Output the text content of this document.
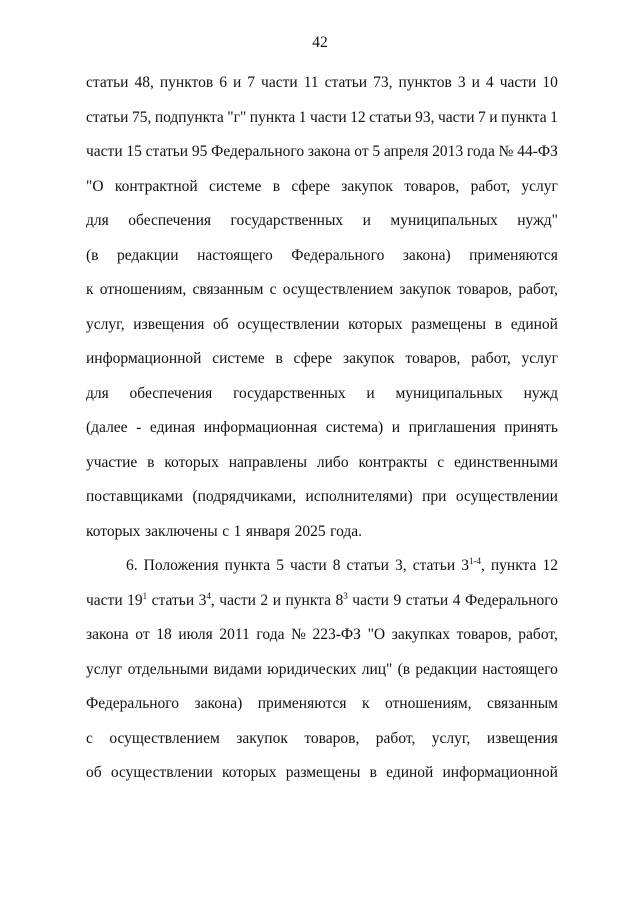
42
статьи 48, пунктов 6 и 7 части 11 статьи 73, пунктов 3 и 4 части 10
статьи 75, подпункта "г" пункта 1 части 12 статьи 93, части 7 и пункта 1
части 15 статьи 95 Федерального закона от 5 апреля 2013 года № 44-ФЗ
"О контрактной системе в сфере закупок товаров, работ, услуг
для обеспечения государственных и муниципальных нужд"
(в редакции настоящего Федерального закона) применяются
к отношениям, связанным с осуществлением закупок товаров, работ,
услуг, извещения об осуществлении которых размещены в единой
информационной системе в сфере закупок товаров, работ, услуг
для обеспечения государственных и муниципальных нужд
(далее - единая информационная система) и приглашения принять
участие в которых направлены либо контракты с единственными
поставщиками (подрядчиками, исполнителями) при осуществлении
которых заключены с 1 января 2025 года.
6. Положения пункта 5 части 8 статьи 3, статьи 3$^{1-4}$, пункта 12
части $19^1$ статьи $3^4$, части 2 и пункта $8^3$ части 9 статьи 4 Федерального
закона от 18 июля 2011 года № 223-ФЗ "О закупках товаров, работ,
услуг отдельными видами юридических лиц" (в редакции настоящего
Федерального закона) применяются к отношениям, связанным
с осуществлением закупок товаров, работ, услуг, извещения
об осуществлении которых размещены в единой информационной
